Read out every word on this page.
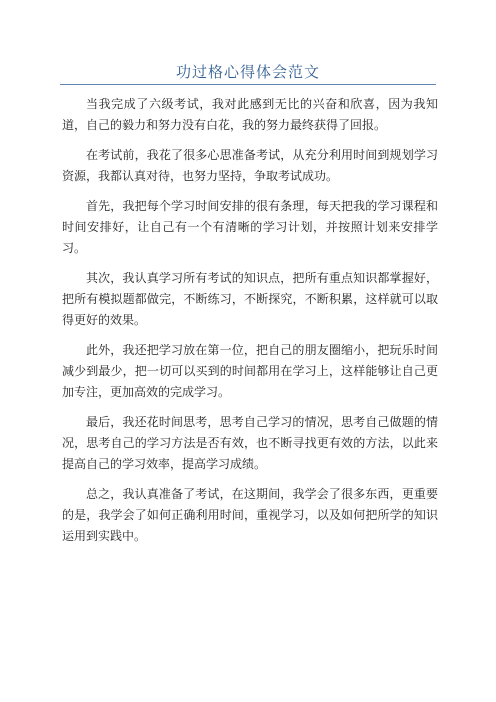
功过格心得体会范文

当我完成了六级考试，我对此感到无比的兴奋和欣喜，因为我知道，自己的毅力和努力没有白花，我的努力最终获得了回报。

在考试前，我花了很多心思准备考试，从充分利用时间到规划学习资源，我都认真对待，也努力坚持，争取考试成功。

首先，我把每个学习时间安排的很有条理，每天把我的学习课程和时间安排好，让自己有一个有清晰的学习计划，并按照计划来安排学习。

其次，我认真学习所有考试的知识点，把所有重点知识都掌握好，把所有模拟题都做完，不断练习，不断探究，不断积累，这样就可以取得更好的效果。

此外，我还把学习放在第一位，把自己的朋友圈缩小，把玩乐时间减少到最少，把一切可以买到的时间都用在学习上，这样能够让自己更加专注，更加高效的完成学习。

最后，我还花时间思考，思考自己学习的情况，思考自己做题的情况，思考自己的学习方法是否有效，也不断寻找更有效的方法，以此来提高自己的学习效率，提高学习成绩。

总之，我认真准备了考试，在这期间，我学会了很多东西，更重要的是，我学会了如何正确利用时间，重视学习，以及如何把所学的知识运用到实践中。
